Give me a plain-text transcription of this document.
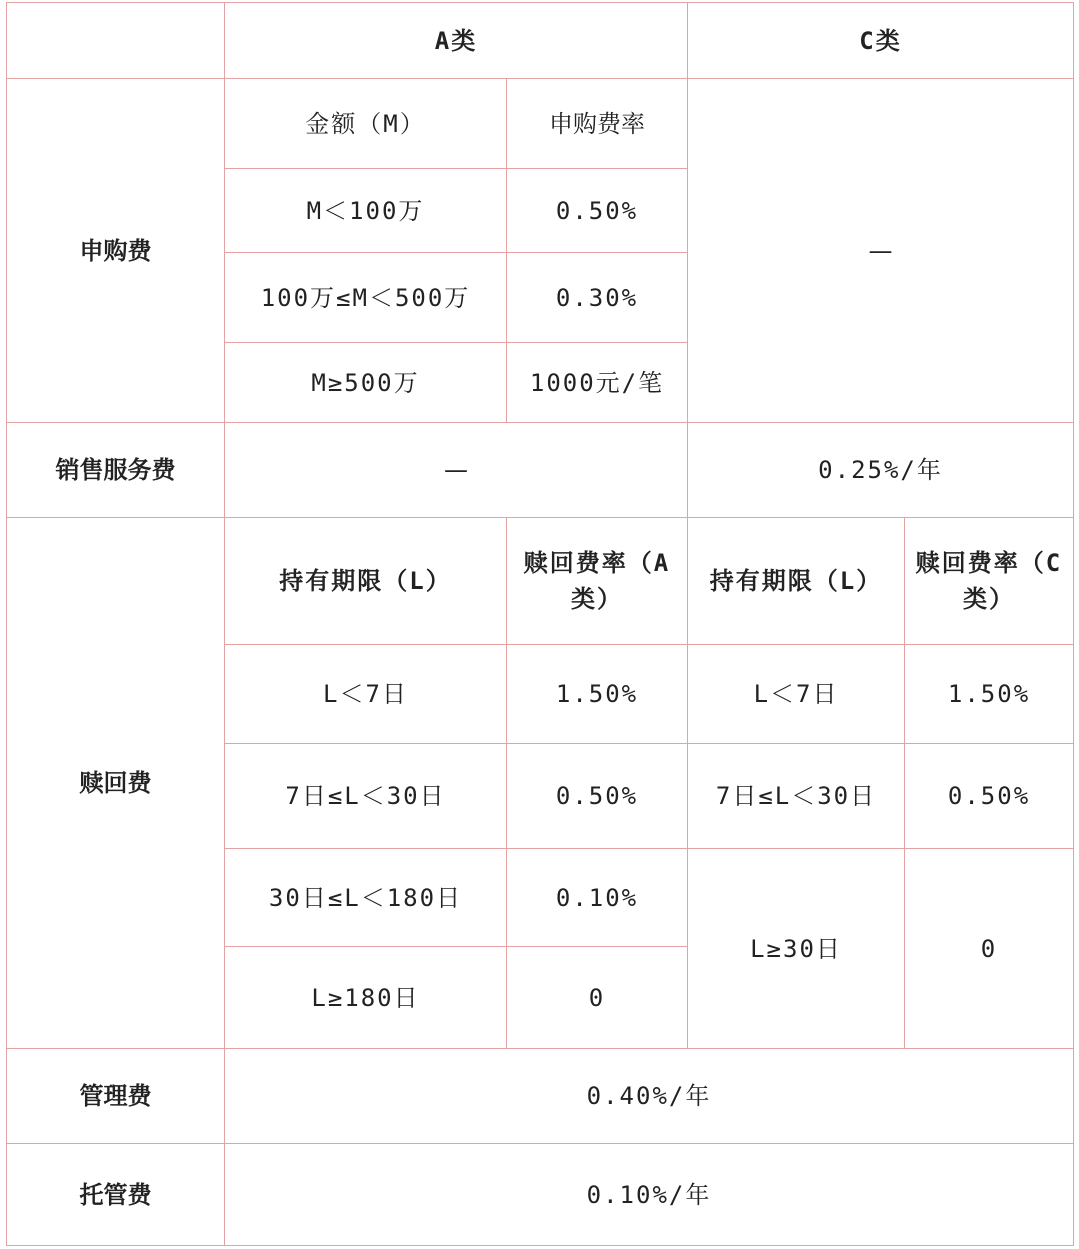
	A类		C类	
申购费	金额（M）	申购费率	—	
	M＜100万	0.50%		
	100万≤M＜500万	0.30%		
	M≥500万	1000元/笔		
销售服务费	—		0.25%/年	
赎回费	持有期限（L）	赎回费率（A类）	持有期限（L）	赎回费率（C类）
	L＜7日	1.50%	L＜7日	1.50%
	7日≤L＜30日	0.50%	7日≤L＜30日	0.50%
	30日≤L＜180日	0.10%	L≥30日	0
	L≥180日	0		
管理费	0.40%/年			
托管费	0.10%/年			
